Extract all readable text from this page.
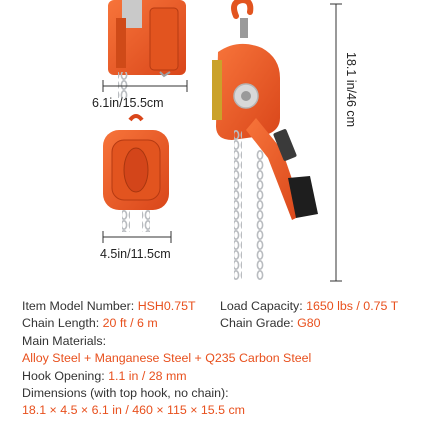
6.1in/15.5cm
4.5in/11.5cm
18.1 in/46 cm
Item Model Number: HSH0.75T Load Capacity: 1650 lbs / 0.75 T
Chain Length: 20 ft / 6 m	Chain Grade: G80
Main Materials:
Alloy Steel + Manganese Steel + Q235 Carbon Steel
Hook Opening: 1.1 in / 28 mm
Dimensions (with top hook, no chain):
18.1 × 4.5 × 6.1 in / 460 × 115 × 15.5 cm
